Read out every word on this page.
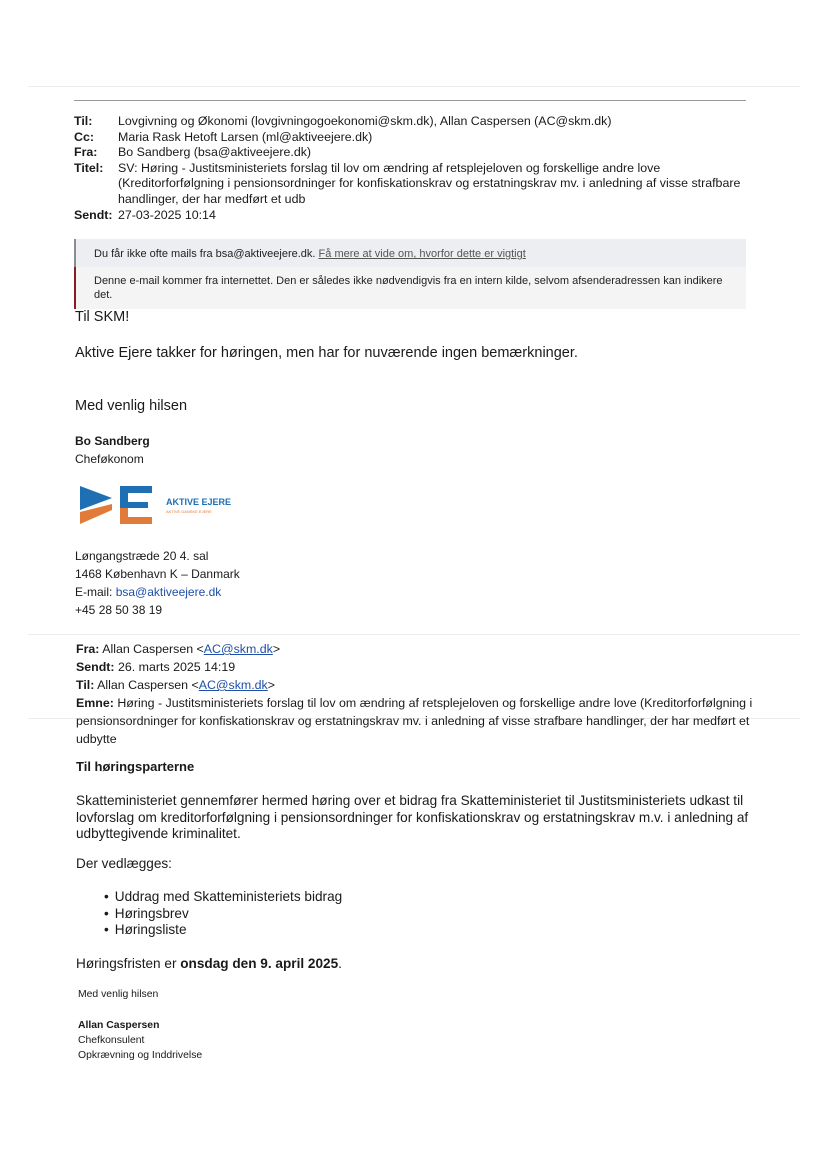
Til:	Lovgivning og Økonomi (lovgivningogoekonomi@skm.dk), Allan Caspersen (AC@skm.dk)
Cc:	Maria Rask Hetoft Larsen (ml@aktiveejere.dk)
Fra:	Bo Sandberg (bsa@aktiveejere.dk)
Titel:	SV: Høring - Justitsministeriets forslag til lov om ændring af retsplejeloven og forskellige andre love (Kreditorforfølgning i pensionsordninger for konfiskationskrav og erstatningskrav mv. i anledning af visse strafbare handlinger, der har medført et udb
Sendt: 27-03-2025 10:14
Du får ikke ofte mails fra bsa@aktiveejere.dk. Få mere at vide om, hvorfor dette er vigtigt
Denne e-mail kommer fra internettet. Den er således ikke nødvendigvis fra en intern kilde, selvom afsenderadressen kan indikere det.
Til SKM!
Aktive Ejere takker for høringen, men har for nuværende ingen bemærkninger.
Med venlig hilsen
Bo Sandberg
Cheføkonom
AKTIVE EJERE
AKTIVE DANSKE EJERE
Løngangstræde 20 4. sal
1468 København K – Danmark
E-mail: bsa@aktiveejere.dk
+45 28 50 38 19
Fra: Allan Caspersen <AC@skm.dk>
Sendt: 26. marts 2025 14:19
Til: Allan Caspersen <AC@skm.dk>
Emne: Høring - Justitsministeriets forslag til lov om ændring af retsplejeloven og forskellige andre love (Kreditorforfølgning i pensionsordninger for konfiskationskrav og erstatningskrav mv. i anledning af visse strafbare handlinger, der har medført et udbytte
Til høringsparterne
Skatteministeriet gennemfører hermed høring over et bidrag fra Skatteministeriet til Justitsministeriets udkast til lovforslag om kreditorforfølgning i pensionsordninger for konfiskationskrav og erstatningskrav m.v. i anledning af udbyttegivende kriminalitet.
Der vedlægges:
• Uddrag med Skatteministeriets bidrag
• Høringsbrev
• Høringsliste
Høringsfristen er onsdag den 9. april 2025.
Med venlig hilsen
Allan Caspersen
Chefkonsulent
Opkrævning og Inddrivelse
